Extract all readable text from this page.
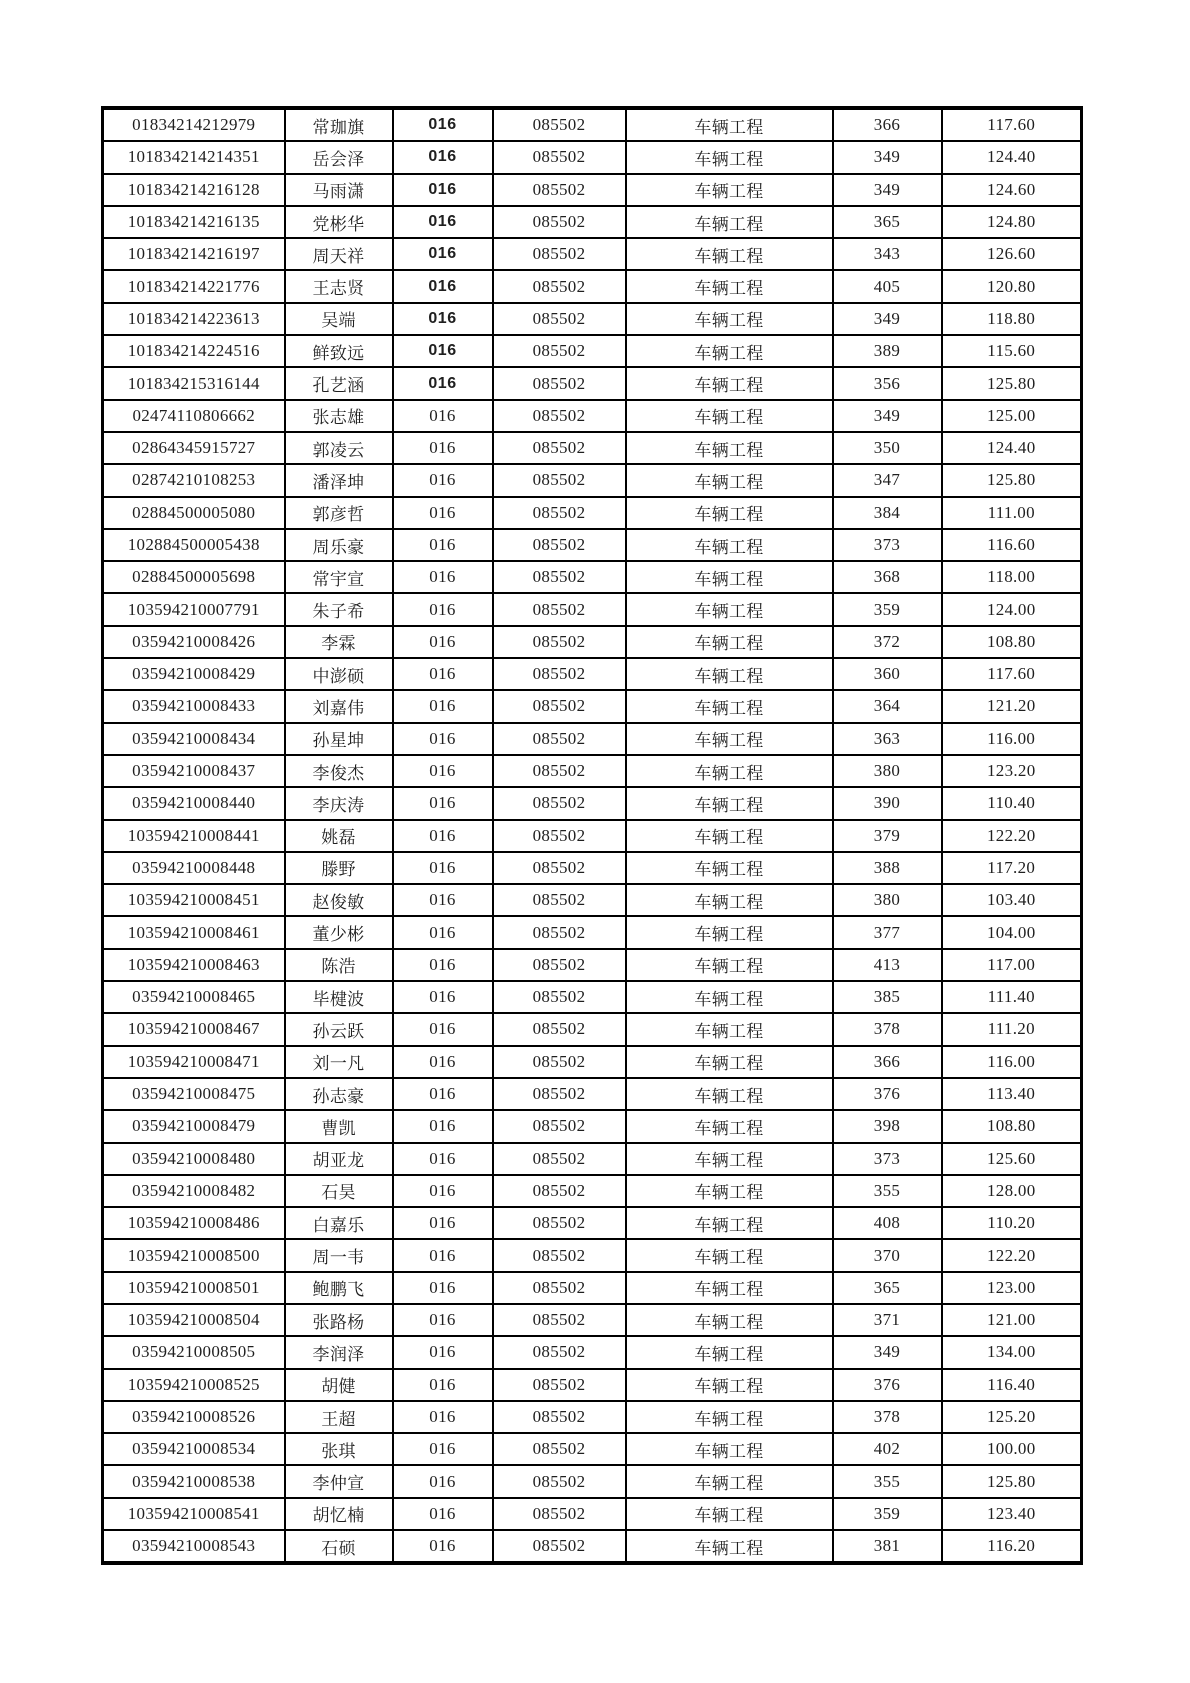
01834214212979	常珈旗	016	085502	车辆工程	366	117.60
101834214214351	岳会泽	016	085502	车辆工程	349	124.40
101834214216128	马雨潇	016	085502	车辆工程	349	124.60
101834214216135	党彬华	016	085502	车辆工程	365	124.80
101834214216197	周天祥	016	085502	车辆工程	343	126.60
101834214221776	王志贤	016	085502	车辆工程	405	120.80
101834214223613	吴端	016	085502	车辆工程	349	118.80
101834214224516	鲜致远	016	085502	车辆工程	389	115.60
101834215316144	孔艺涵	016	085502	车辆工程	356	125.80
02474110806662	张志雄	016	085502	车辆工程	349	125.00
02864345915727	郭凌云	016	085502	车辆工程	350	124.40
02874210108253	潘泽坤	016	085502	车辆工程	347	125.80
02884500005080	郭彦哲	016	085502	车辆工程	384	111.00
102884500005438	周乐豪	016	085502	车辆工程	373	116.60
02884500005698	常宇宣	016	085502	车辆工程	368	118.00
103594210007791	朱子希	016	085502	车辆工程	359	124.00
03594210008426	李霖	016	085502	车辆工程	372	108.80
03594210008429	中澎硕	016	085502	车辆工程	360	117.60
03594210008433	刘嘉伟	016	085502	车辆工程	364	121.20
03594210008434	孙星坤	016	085502	车辆工程	363	116.00
03594210008437	李俊杰	016	085502	车辆工程	380	123.20
03594210008440	李庆涛	016	085502	车辆工程	390	110.40
103594210008441	姚磊	016	085502	车辆工程	379	122.20
03594210008448	滕野	016	085502	车辆工程	388	117.20
103594210008451	赵俊敏	016	085502	车辆工程	380	103.40
103594210008461	董少彬	016	085502	车辆工程	377	104.00
103594210008463	陈浩	016	085502	车辆工程	413	117.00
03594210008465	毕楗波	016	085502	车辆工程	385	111.40
103594210008467	孙云跃	016	085502	车辆工程	378	111.20
103594210008471	刘一凡	016	085502	车辆工程	366	116.00
03594210008475	孙志豪	016	085502	车辆工程	376	113.40
03594210008479	曹凯	016	085502	车辆工程	398	108.80
03594210008480	胡亚龙	016	085502	车辆工程	373	125.60
03594210008482	石昊	016	085502	车辆工程	355	128.00
103594210008486	白嘉乐	016	085502	车辆工程	408	110.20
103594210008500	周一韦	016	085502	车辆工程	370	122.20
103594210008501	鲍鹏飞	016	085502	车辆工程	365	123.00
103594210008504	张路杨	016	085502	车辆工程	371	121.00
03594210008505	李润泽	016	085502	车辆工程	349	134.00
103594210008525	胡健	016	085502	车辆工程	376	116.40
03594210008526	王超	016	085502	车辆工程	378	125.20
03594210008534	张琪	016	085502	车辆工程	402	100.00
03594210008538	李仲宣	016	085502	车辆工程	355	125.80
103594210008541	胡忆楠	016	085502	车辆工程	359	123.40
03594210008543	石硕	016	085502	车辆工程	381	116.20
